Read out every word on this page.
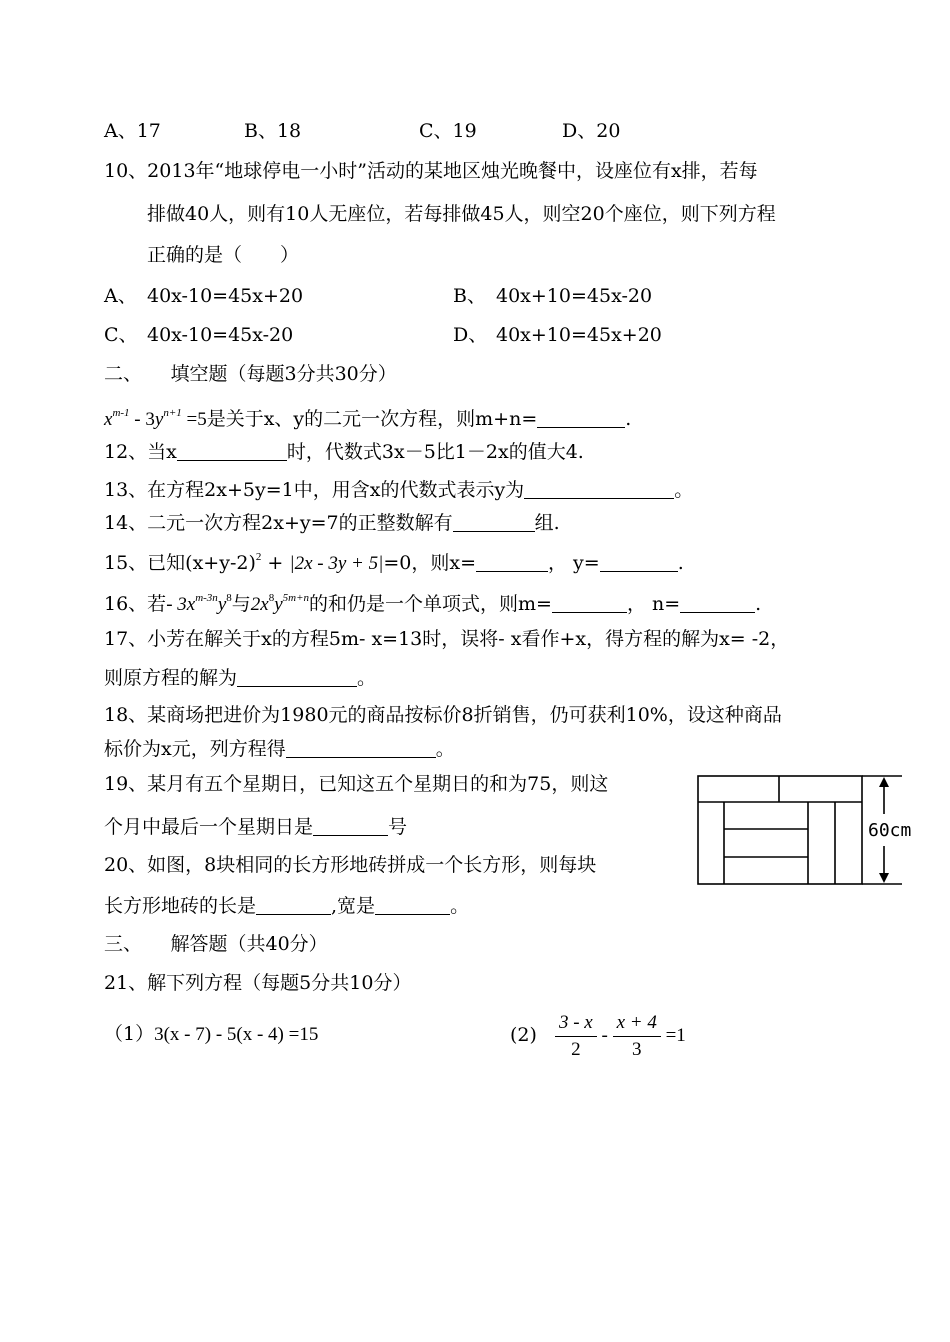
A、17	B、18	C、19	D、20
10、2013年“地球停电一小时”活动的某地区烛光晚餐中，设座位有x排，若每
排做40人，则有10人无座位，若每排做45人，则空20个座位，则下列方程
正确的是（　　）
A、 40x-10=45x+20	B、 40x+10=45x-20
C、 40x-10=45x-20	D、 40x+10=45x+20
二、　　填空题（每题3分共30分）
$x^{m-1} - 3y^{n+1} =5$是关于x、y的二元一次方程，则m+n=	.
12、当x	时，代数式3x－5比1－2x的值大4.
13、在方程2x+5y=1中，用含x的代数式表示y为	。
14、二元一次方程2x+y=7的正整数解有	组.
15、已知$(x+y-2)^2 + |2x - 3y + 5|=0$，则x=	， y=	.
16、若- $3x^{m-3n}y^8$与$2x^8y^{5m+n}$的和仍是一个单项式，则m=	， n=	.
17、小芳在解关于x的方程5m- x=13时，误将- x看作+x，得方程的解为x= -2，
则原方程的解为	。
18、某商场把进价为1980元的商品按标价8折销售，仍可获利10%，设这种商品
标价为x元，列方程得	。
19、某月有五个星期日，已知这五个星期日的和为75，则这
个月中最后一个星期日是	号
20、如图，8块相同的长方形地砖拼成一个长方形，则每块
长方形地砖的长是	,宽是	。
60cm
三、　　解答题（共40分）
21、解下列方程（每题5分共10分）
（1）3(x - 7) - 5(x - 4) =15	$(2) \frac{3 - x}{2} - \frac{x + 4}{3} =1$
